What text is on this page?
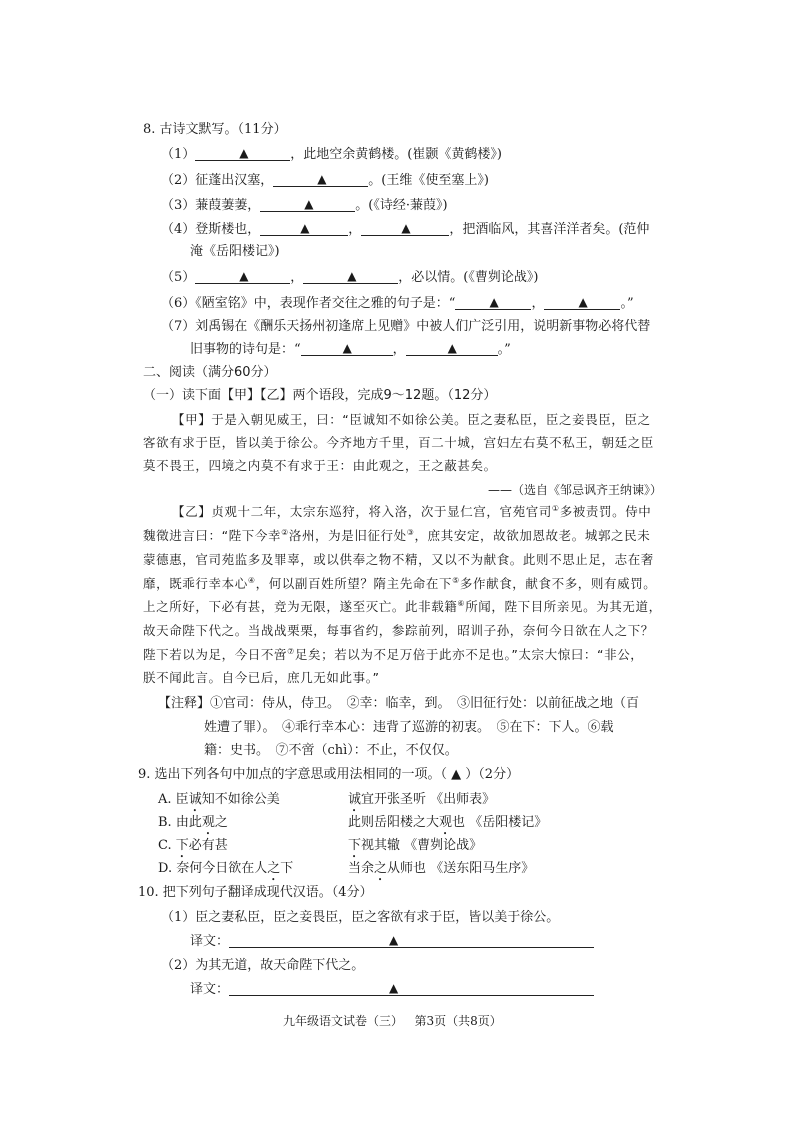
8. 古诗文默写。（11分）
（1）	▲	，此地空余黄鹤楼。(崔颢《黄鹤楼》)
（2）征蓬出汉塞，	▲	。(王维《使至塞上》)
（3）蒹葭萋萋，	▲	。(《诗经·蒹葭》)
（4）登斯楼也，	▲	，	▲	，把酒临风，其喜洋洋者矣。(范仲
淹《岳阳楼记》)
（5）	▲	，	▲	，必以情。(《曹刿论战》)
（6）《陋室铭》中，表现作者交往之雅的句子是：“	▲	，	▲	。”
（7）刘禹锡在《酬乐天扬州初逢席上见赠》中被人们广泛引用，说明新事物必将代替
旧事物的诗句是：“	▲	，	▲	。”
二、阅读（满分60分）
（一）读下面【甲】【乙】两个语段，完成9～12题。（12分）
【甲】于是入朝见威王，曰：“臣诚知不如徐公美。臣之妻私臣，臣之妾畏臣，臣之
客欲有求于臣，皆以美于徐公。今齐地方千里，百二十城，宫妇左右莫不私王，朝廷之臣
莫不畏王，四境之内莫不有求于王：由此观之，王之蔽甚矣。
——（选自《邹忌讽齐王纳谏》）
【乙】贞观十二年，太宗东巡狩，将入洛，次于显仁宫，官苑官司①多被责罚。侍中
魏徵进言曰：“陛下今幸②洛州，为是旧征行处③，庶其安定，故欲加恩故老。城郭之民未
蒙德惠，官司苑监多及罪辜，或以供奉之物不精，又以不为献食。此则不思止足，志在奢
靡，既乖行幸本心④，何以副百姓所望？隋主先命在下⑤多作献食，献食不多，则有威罚。
上之所好，下必有甚，竞为无限，遂至灭亡。此非载籍⑥所闻，陛下目所亲见。为其无道，
故天命陛下代之。当战战栗栗，每事省约，参踪前列，昭训子孙，奈何今日欲在人之下？
陛下若以为足，今日不啻⑦足矣；若以为不足万倍于此亦不足也。”太宗大惊曰：“非公，
朕不闻此言。自今已后，庶几无如此事。”
【注释】①官司：侍从，侍卫。　②幸：临幸，到。　③旧征行处：以前征战之地（百
姓遭了罪）。　④乖行幸本心：违背了巡游的初衷。　⑤在下：下人。⑥载
籍：史书。　⑦不啻（chì）：不止，不仅仅。
9. 选出下列各句中加点的字意思或用法相同的一项。（ ▲ ）（2分）
A. 臣诚知不如徐公美	诚宜开张圣听 《出师表》
B. 由此观之	此则岳阳楼之大观也 《岳阳楼记》
C. 下必有甚	下视其辙 《曹刿论战》
D. 奈何今日欲在人之下	当余之从师也 《送东阳马生序》
10. 把下列句子翻译成现代汉语。（4分）
（1）臣之妻私臣，臣之妾畏臣，臣之客欲有求于臣，皆以美于徐公。
译文：	▲
（2）为其无道，故天命陛下代之。
译文：	▲
九年级语文试卷（三） 第3页（共8页）
